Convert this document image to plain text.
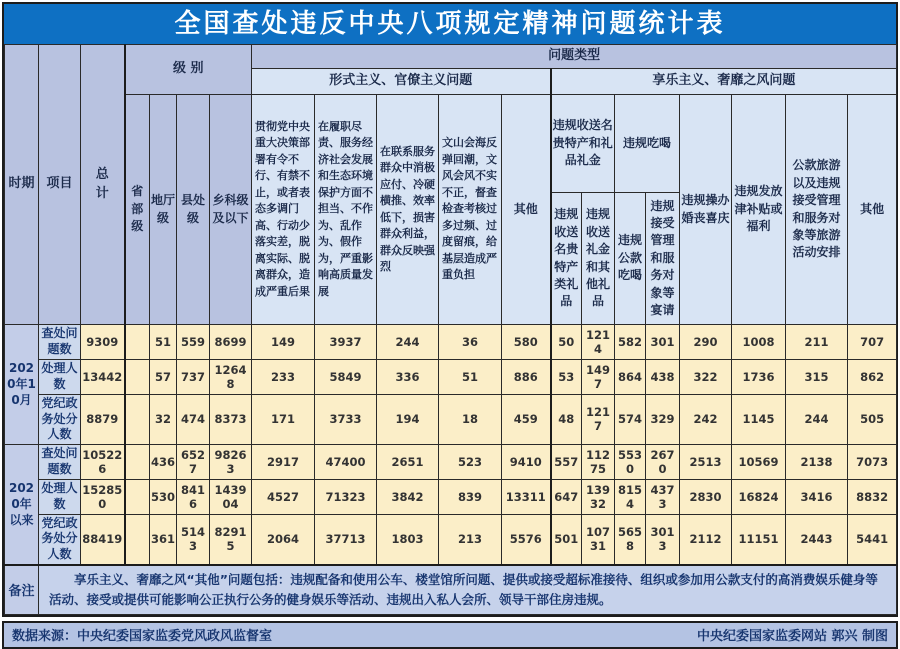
全国查处违反中央八项规定精神问题统计表
时期	项目	总计	级 别				问题类型												
							形式主义、官僚主义问题					享乐主义、奢靡之风问题							
			省部级	地厅级	县处级	乡科级及以下	贯彻党中央重大决策部署有令不行、有禁不止，或者表态多调门高、行动少落实差，脱离实际、脱离群众，造成严重后果	在履职尽责、服务经济社会发展和生态环境保护方面不担当、不作为、乱作为、假作为，严重影响高质量发展	在联系服务群众中消极应付、冷硬横推、效率低下，损害群众利益，群众反映强烈	文山会海反弹回潮，文风会风不实不正，督查检查考核过多过频、过度留痕，给基层造成严重负担	其他	违规收送名贵特产和礼品礼金		违规吃喝		违规操办婚丧喜庆	违规发放津补贴或福利	公款旅游以及违规接受管理和服务对象等旅游活动安排	其他
												违规收送名贵特产类礼品	违规收送礼金和其他礼品	违规公款吃喝	违规接受管理和服务对象等宴请				
2020年10月	查处问题数	9309		51	559	8699	149	3937	244	36	580	50	1214	582	301	290	1008	211	707
	处理人数	13442		57	737	12648	233	5849	336	51	886	53	1497	864	438	322	1736	315	862
	党纪政务处分人数	8879		32	474	8373	171	3733	194	18	459	48	1217	574	329	242	1145	244	505
2020年以来	查处问题数	105226		436	6527	98263	2917	47400	2651	523	9410	557	11275	5530	2670	2513	10569	2138	7073
	处理人数	152850		530	8416	143904	4527	71323	3842	839	13311	647	13932	8154	4373	2830	16824	3416	8832
	党纪政务处分人数	88419		361	5143	82915	2064	37713	1803	213	5576	501	10731	5658	3013	2112	11151	2443	5441
备注	享乐主义、奢靡之风“其他”问题包括：违规配备和使用公车、楼堂馆所问题、提供或接受超标准接待、组织或参加用公款支付的高消费娱乐健身等活动、接受或提供可能影响公正执行公务的健身娱乐等活动、违规出入私人会所、领导干部住房违规。																		
数据来源：中央纪委国家监委党风政风监督室	中央纪委国家监委网站 郭兴 制图
